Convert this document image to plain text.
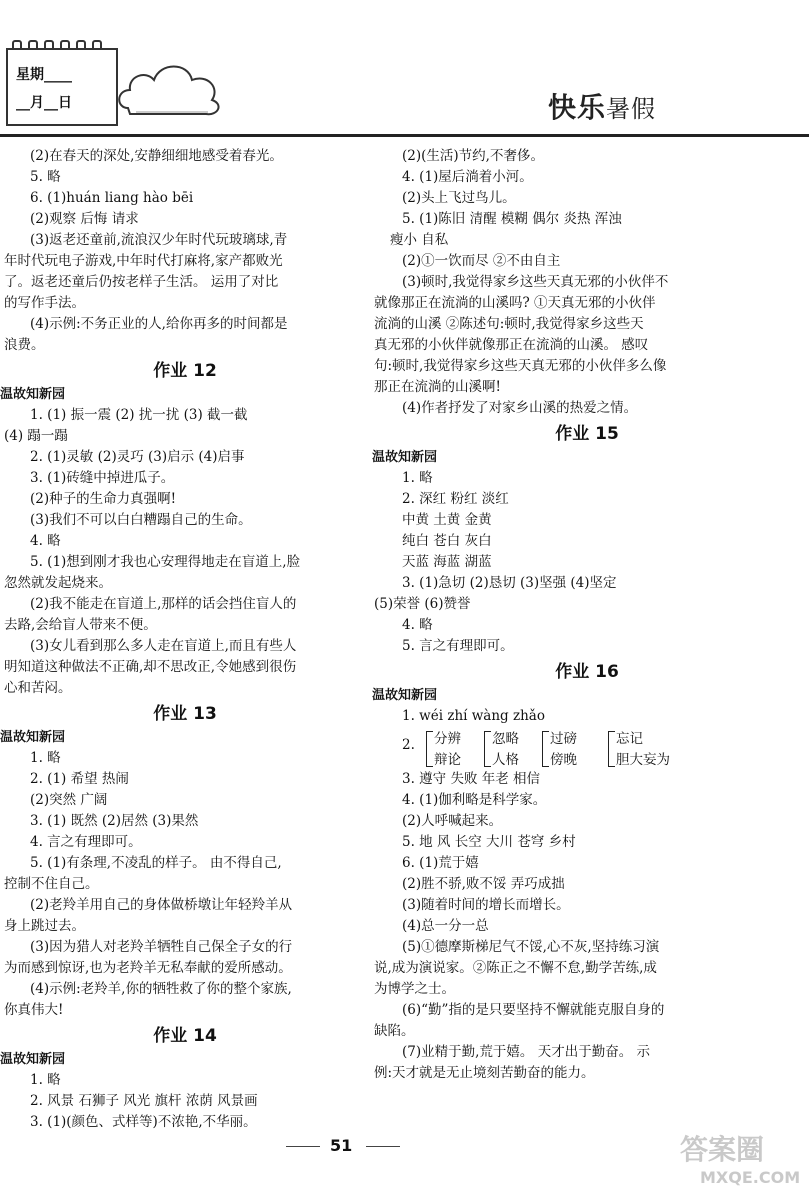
星期____
__月__日	快乐暑假
(2)在春天的深处,安静细细地感受着春光。
5. 略
6. (1)huán liang hào bēi
(2)观察 后悔 请求
(3)返老还童前,流浪汉少年时代玩玻璃球,青
年时代玩电子游戏,中年时代打麻将,家产都败光
了。返老还童后仍按老样子生活。 运用了对比
的写作手法。
(4)示例:不务正业的人,给你再多的时间都是
浪费。
作业 12
温故知新园
1. (1) 振一震 (2) 扰一扰 (3) 截一截
(4) 蹋一蹋
2. (1)灵敏 (2)灵巧 (3)启示 (4)启事
3. (1)砖缝中掉进瓜子。
(2)种子的生命力真强啊!
(3)我们不可以白白糟蹋自己的生命。
4. 略
5. (1)想到刚才我也心安理得地走在盲道上,脸
忽然就发起烧来。
(2)我不能走在盲道上,那样的话会挡住盲人的
去路,会给盲人带来不便。
(3)女儿看到那么多人走在盲道上,而且有些人
明知道这种做法不正确,却不思改正,令她感到很伤
心和苦闷。
作业 13
温故知新园
1. 略
2. (1) 希望 热闹
(2)突然 广阔
3. (1) 既然 (2)居然 (3)果然
4. 言之有理即可。
5. (1)有条理,不凌乱的样子。 由不得自己,
控制不住自己。
(2)老羚羊用自己的身体做桥墩让年轻羚羊从
身上跳过去。
(3)因为猎人对老羚羊牺牲自己保全子女的行
为而感到惊讶,也为老羚羊无私奉献的爱所感动。
(4)示例:老羚羊,你的牺牲救了你的整个家族,
你真伟大!
作业 14
温故知新园
1. 略
2. 风景 石狮子 风光 旗杆 浓荫 风景画
3. (1)(颜色、式样等)不浓艳,不华丽。
(2)(生活)节约,不奢侈。
4. (1)屋后淌着小河。
(2)头上飞过鸟儿。
5. (1)陈旧 清醒 模糊 偶尔 炎热 浑浊
瘦小 自私
(2)①一饮而尽 ②不由自主
(3)顿时,我觉得家乡这些天真无邪的小伙伴不
就像那正在流淌的山溪吗? ①天真无邪的小伙伴
流淌的山溪 ②陈述句:顿时,我觉得家乡这些天
真无邪的小伙伴就像那正在流淌的山溪。 感叹
句:顿时,我觉得家乡这些天真无邪的小伙伴多么像
那正在流淌的山溪啊!
(4)作者抒发了对家乡山溪的热爱之情。
作业 15
温故知新园
1. 略
2. 深红 粉红 淡红
中黄 土黄 金黄
纯白 苍白 灰白
天蓝 海蓝 湖蓝
3. (1)急切 (2)恳切 (3)坚强 (4)坚定
(5)荣誉 (6)赞誉
4. 略
5. 言之有理即可。
作业 16
温故知新园
1. wéi zhí wàng zhǎo
2. 分辨
辩论
忽略
人格
过磅
傍晚
忘记
胆大妄为
3. 遵守 失败 年老 相信
4. (1)伽利略是科学家。
(2)人呼喊起来。
5. 地 风 长空 大川 苍穹 乡村
6. (1)荒于嬉
(2)胜不骄,败不馁 弄巧成拙
(3)随着时间的增长而增长。
(4)总一分一总
(5)①德摩斯梯尼气不馁,心不灰,坚持练习演
说,成为演说家。②陈正之不懈不怠,勤学苦练,成
为博学之士。
(6)“勤”指的是只要坚持不懈就能克服自身的
缺陷。
(7)业精于勤,荒于嬉。 天才出于勤奋。 示
例:天才就是无止境刻苦勤奋的能力。
51	答案圈
MXQE.COM
